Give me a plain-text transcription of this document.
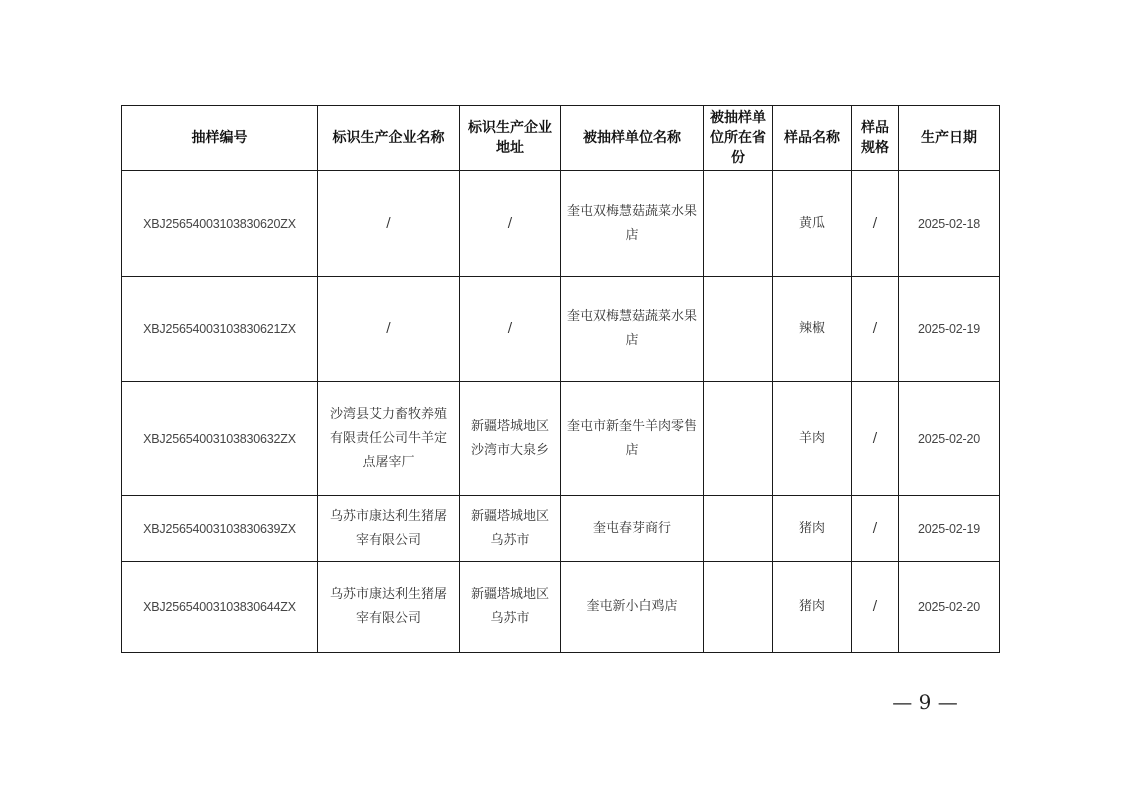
抽样编号	标识生产企业名称	标识生产企业地址	被抽样单位名称	被抽样单位所在省份	样品名称	样品规格	生产日期
XBJ25654003103830620ZX	/	/	奎屯双梅慧菇蔬菜水果店		黄瓜	/	2025-02-18
XBJ25654003103830621ZX	/	/	奎屯双梅慧菇蔬菜水果店		辣椒	/	2025-02-19
XBJ25654003103830632ZX	沙湾县艾力畜牧养殖有限责任公司牛羊定点屠宰厂	新疆塔城地区沙湾市大泉乡	奎屯市新奎牛羊肉零售店		羊肉	/	2025-02-20
XBJ25654003103830639ZX	乌苏市康达利生猪屠宰有限公司	新疆塔城地区乌苏市	奎屯春芽商行		猪肉	/	2025-02-19
XBJ25654003103830644ZX	乌苏市康达利生猪屠宰有限公司	新疆塔城地区乌苏市	奎屯新小白鸡店		猪肉	/	2025-02-20
— 9 —
